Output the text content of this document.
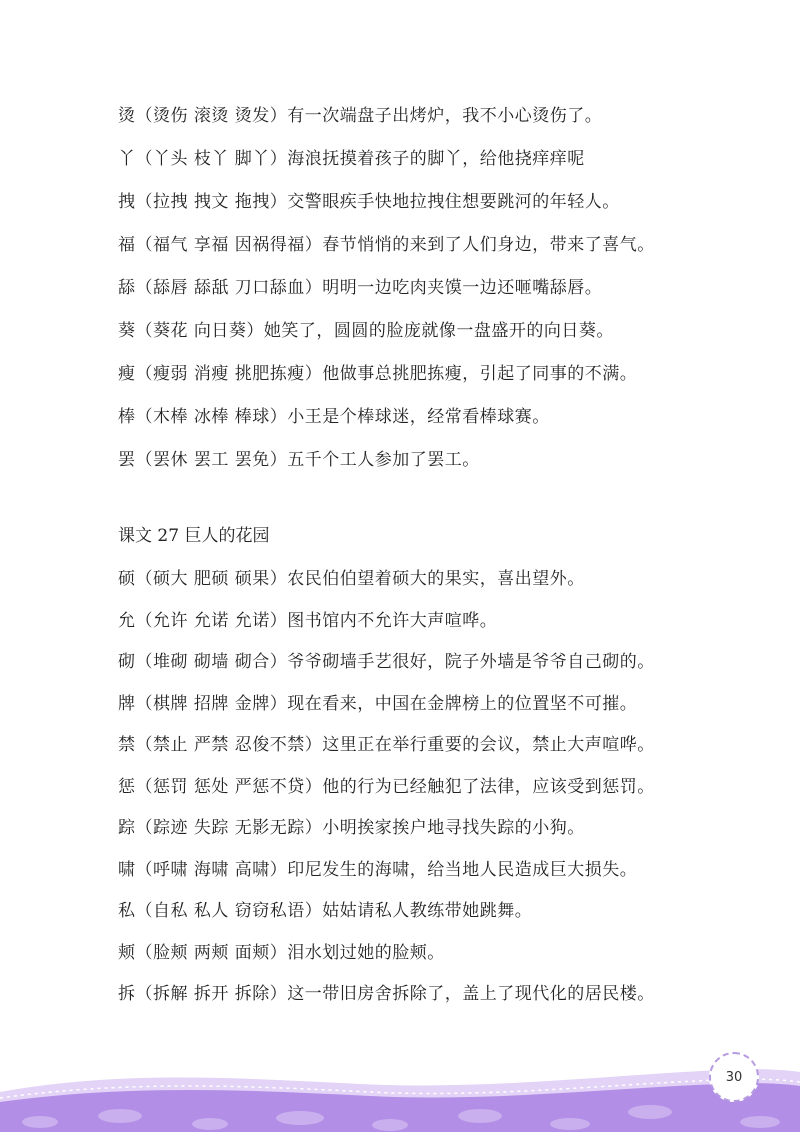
烫（烫伤 滚烫 烫发）有一次端盘子出烤炉，我不小心烫伤了。
丫（丫头 枝丫 脚丫）海浪抚摸着孩子的脚丫，给他挠痒痒呢
拽（拉拽 拽文 拖拽）交警眼疾手快地拉拽住想要跳河的年轻人。
福（福气 享福 因祸得福）春节悄悄的来到了人们身边，带来了喜气。
舔（舔唇 舔舐 刀口舔血）明明一边吃肉夹馍一边还咂嘴舔唇。
葵（葵花 向日葵）她笑了，圆圆的脸庞就像一盘盛开的向日葵。
瘦（瘦弱 消瘦 挑肥拣瘦）他做事总挑肥拣瘦，引起了同事的不满。
棒（木棒 冰棒 棒球）小王是个棒球迷，经常看棒球赛。
罢（罢休 罢工 罢免）五千个工人参加了罢工。
课文 27 巨人的花园
硕（硕大 肥硕 硕果）农民伯伯望着硕大的果实，喜出望外。
允（允许 允诺 允诺）图书馆内不允许大声喧哗。
砌（堆砌 砌墙 砌合）爷爷砌墙手艺很好，院子外墙是爷爷自己砌的。
牌（棋牌 招牌 金牌）现在看来，中国在金牌榜上的位置坚不可摧。
禁（禁止 严禁 忍俊不禁）这里正在举行重要的会议，禁止大声喧哗。
惩（惩罚 惩处 严惩不贷）他的行为已经触犯了法律，应该受到惩罚。
踪（踪迹 失踪 无影无踪）小明挨家挨户地寻找失踪的小狗。
啸（呼啸 海啸 高啸）印尼发生的海啸，给当地人民造成巨大损失。
私（自私 私人 窃窃私语）姑姑请私人教练带她跳舞。
颊（脸颊 两颊 面颊）泪水划过她的脸颊。
拆（拆解 拆开 拆除）这一带旧房舍拆除了，盖上了现代化的居民楼。
30
